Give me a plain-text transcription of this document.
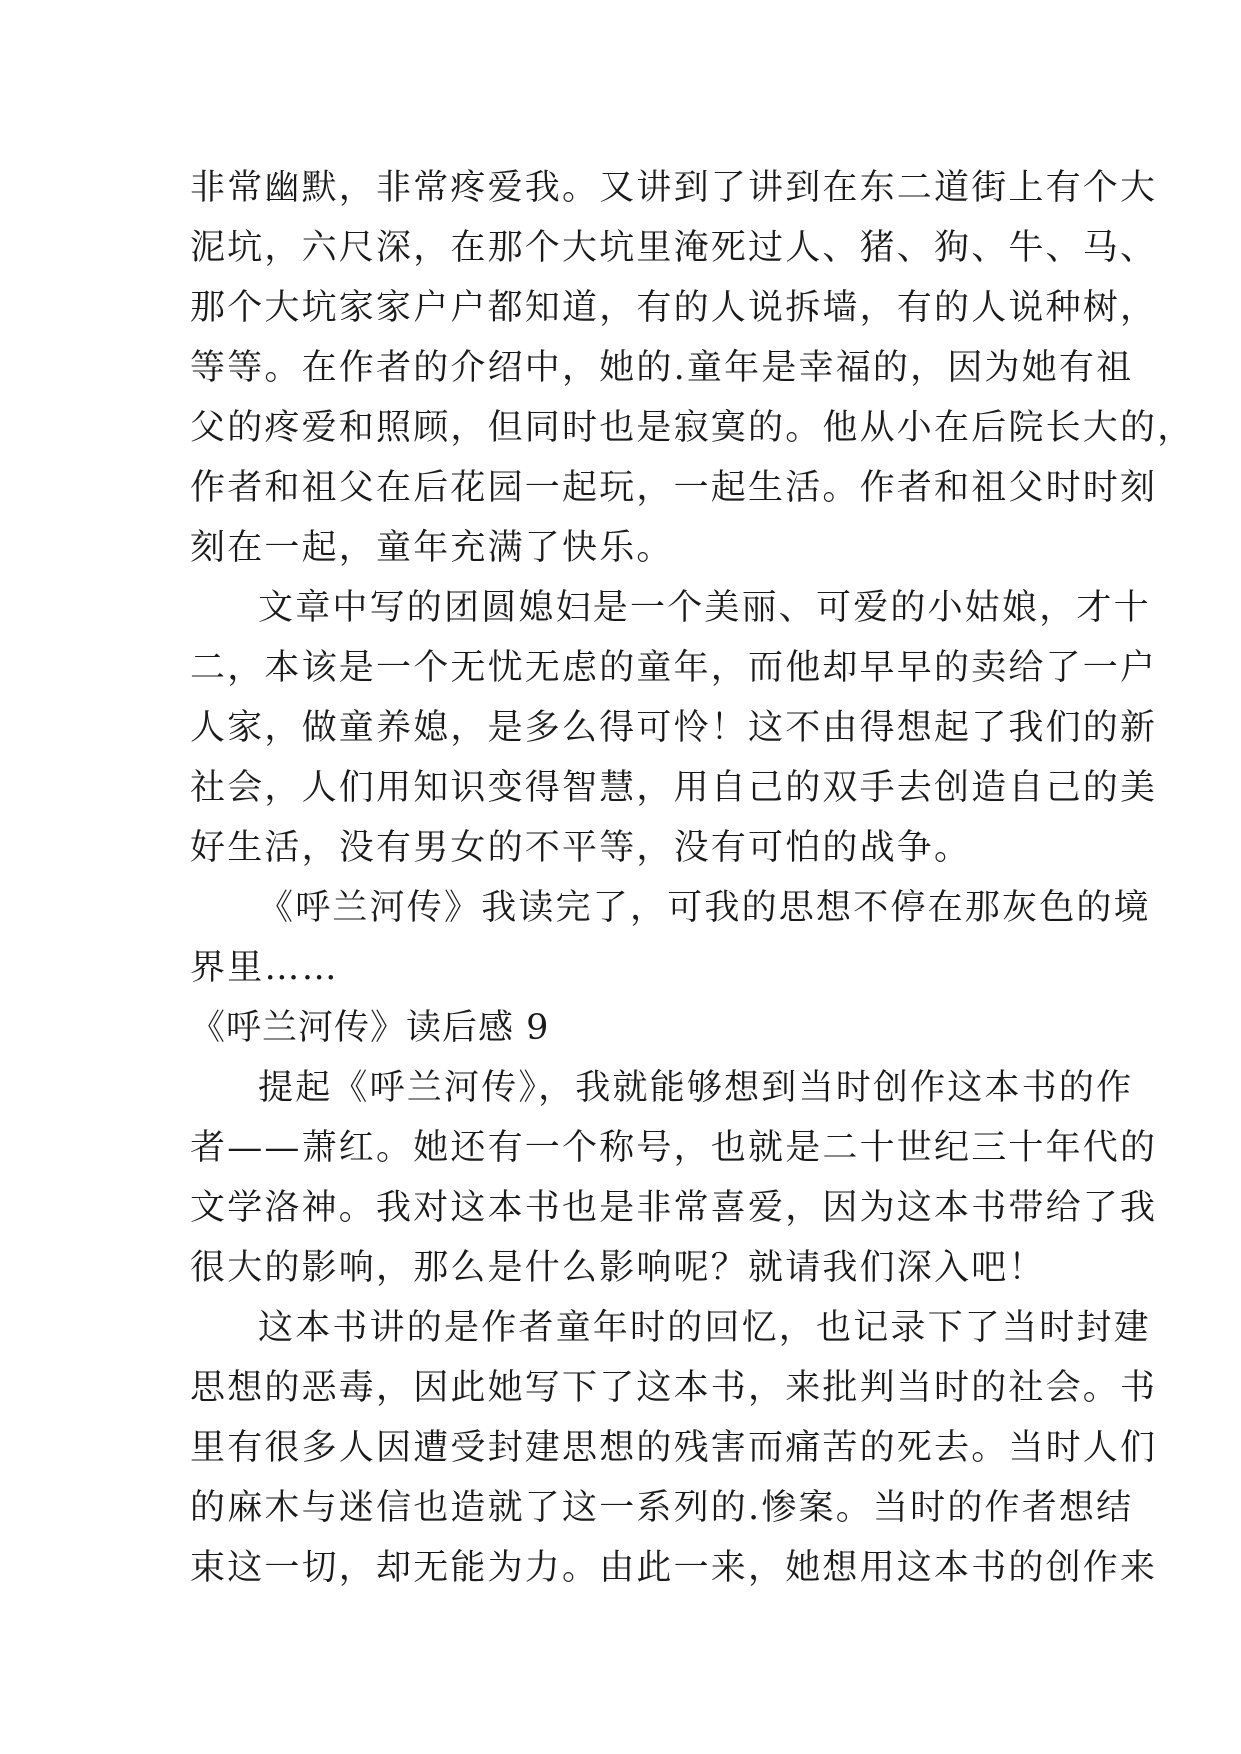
非常幽默，非常疼爱我。又讲到了讲到在东二道街上有个大
泥坑，六尺深，在那个大坑里淹死过人、猪、狗、牛、马、
那个大坑家家户户都知道，有的人说拆墙，有的人说种树，
等等。在作者的介绍中，她的.童年是幸福的，因为她有祖
父的疼爱和照顾，但同时也是寂寞的。他从小在后院长大的，
作者和祖父在后花园一起玩，一起生活。作者和祖父时时刻
刻在一起，童年充满了快乐。
文章中写的团圆媳妇是一个美丽、可爱的小姑娘，才十
二，本该是一个无忧无虑的童年，而他却早早的卖给了一户
人家，做童养媳，是多么得可怜！这不由得想起了我们的新
社会，人们用知识变得智慧，用自己的双手去创造自己的美
好生活，没有男女的不平等，没有可怕的战争。
《呼兰河传》我读完了，可我的思想不停在那灰色的境
界里……
《呼兰河传》读后感 9
提起《呼兰河传》，我就能够想到当时创作这本书的作
者——萧红。她还有一个称号，也就是二十世纪三十年代的
文学洛神。我对这本书也是非常喜爱，因为这本书带给了我
很大的影响，那么是什么影响呢？就请我们深入吧！
这本书讲的是作者童年时的回忆，也记录下了当时封建
思想的恶毒，因此她写下了这本书，来批判当时的社会。书
里有很多人因遭受封建思想的残害而痛苦的死去。当时人们
的麻木与迷信也造就了这一系列的.惨案。当时的作者想结
束这一切，却无能为力。由此一来，她想用这本书的创作来
